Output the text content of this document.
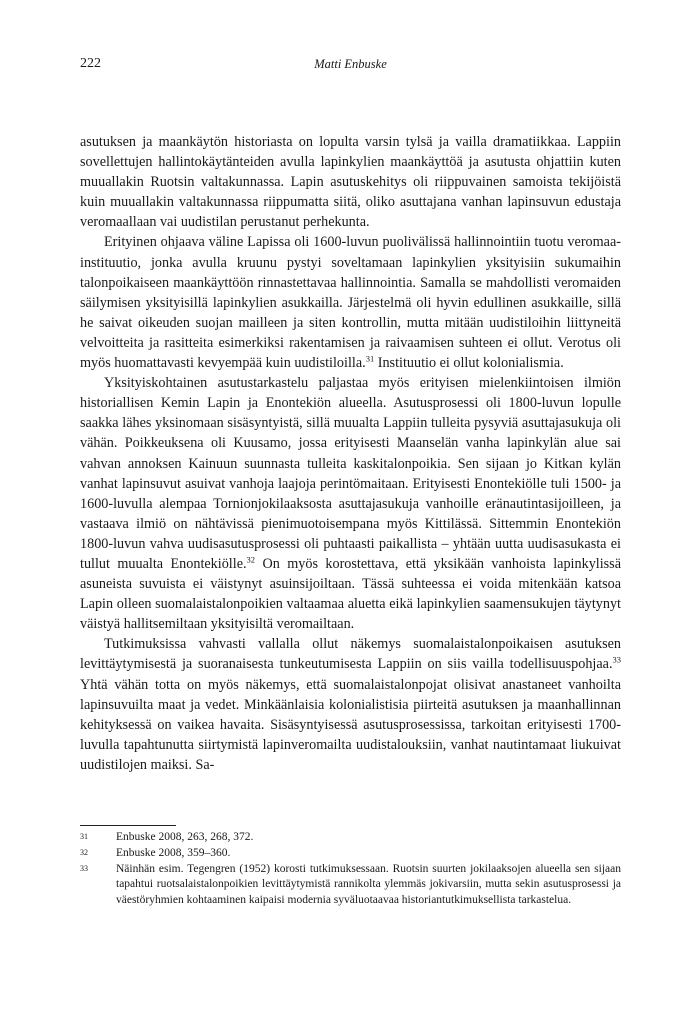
222	Matti Enbuske

asutuksen ja maankäytön historiasta on lopulta varsin tylsä ja vailla dramatiikkaa. Lappiin sovellettujen hallintokäytänteiden avulla lapinkylien maankäyttöä ja asutusta ohjattiin kuten muuallakin Ruotsin valtakunnassa. Lapin asutuskehitys oli riippuvainen samoista tekijöistä kuin muuallakin valtakunnassa riippumatta siitä, oliko asuttajana vanhan lapinsuvun edustaja veromaallaan vai uudistilan perustanut perhekunta.

Erityinen ohjaava väline Lapissa oli 1600-luvun puolivälissä hallinnointiin tuotu veromaa-instituutio, jonka avulla kruunu pystyi soveltamaan lapinkylien yksityisiin sukumaihin talonpoikaiseen maankäyttöön rinnastettavaa hallinnointia. Samalla se mahdollisti veromaiden säilymisen yksityisillä lapinkylien asukkailla. Järjestelmä oli hyvin edullinen asukkaille, sillä he saivat oikeuden suojan mailleen ja siten kontrollin, mutta mitään uudistiloihin liittyneitä velvoitteita ja rasitteita esimerkiksi rakentamisen ja raivaamisen suhteen ei ollut. Verotus oli myös huomattavasti kevyempää kuin uudistiloilla.$^{31}$ Instituutio ei ollut kolonialismia.

Yksityiskohtainen asutustarkastelu paljastaa myös erityisen mielenkiintoisen ilmiön historiallisen Kemin Lapin ja Enontekiön alueella. Asutusprosessi oli 1800-luvun lopulle saakka lähes yksinomaan sisäsyntyistä, sillä muualta Lappiin tulleita pysyviä asuttajasukuja oli vähän. Poikkeuksena oli Kuusamo, jossa erityisesti Maanselän vanha lapinkylän alue sai vahvan annoksen Kainuun suunnasta tulleita kaskitalonpoikia. Sen sijaan jo Kitkan kylän vanhat lapinsuvut asuivat vanhoja laajoja perintömaitaan. Erityisesti Enontekiölle tuli 1500- ja 1600-luvulla alempaa Tornionjokilaaksosta asuttajasukuja vanhoille eränautintasijoilleen, ja vastaava ilmiö on nähtävissä pienimuotoisempana myös Kittilässä. Sittemmin Enontekiön 1800-luvun vahva uudisasutusprosessi oli puhtaasti paikallista – yhtään uutta uudisasukasta ei tullut muualta Enontekiölle.$^{32}$ On myös korostettava, että yksikään vanhoista lapinkylissä asuneista suvuista ei väistynyt asuinsijoiltaan. Tässä suhteessa ei voida mitenkään katsoa Lapin olleen suomalaistalonpoikien valtaamaa aluetta eikä lapinkylien saamensukujen täytynyt väistyä hallitsemiltaan yksityisiltä veromailtaan.

Tutkimuksissa vahvasti vallalla ollut näkemys suomalaistalonpoikaisen asutuksen levittäytymisestä ja suoranaisesta tunkeutumisesta Lappiin on siis vailla todellisuuspohjaa.$^{33}$ Yhtä vähän totta on myös näkemys, että suomalaistalonpojat olisivat anastaneet vanhoilta lapinsuvuilta maat ja vedet. Minkäänlaisia kolonialistisia piirteitä asutuksen ja maanhallinnan kehityksessä on vaikea havaita. Sisäsyntyisessä asutusprosessissa, tarkoitan erityisesti 1700-luvulla tapahtunutta siirtymistä lapinveromailta uudistalouksiin, vanhat nautintamaat liukuivat uudistilojen maiksi. Sa-

31	Enbuske 2008, 263, 268, 372.
32	Enbuske 2008, 359–360.
33	Näinhän esim. Tegengren (1952) korosti tutkimuksessaan. Ruotsin suurten jokilaaksojen alueella sen sijaan tapahtui ruotsalaistalonpoikien levittäytymistä rannikolta ylemmäs jokivarsiin, mutta sekin asutusprosessi ja väestöryhmien kohtaaminen kaipaisi modernia syväluotaavaa historiantutkimuksellista tarkastelua.
